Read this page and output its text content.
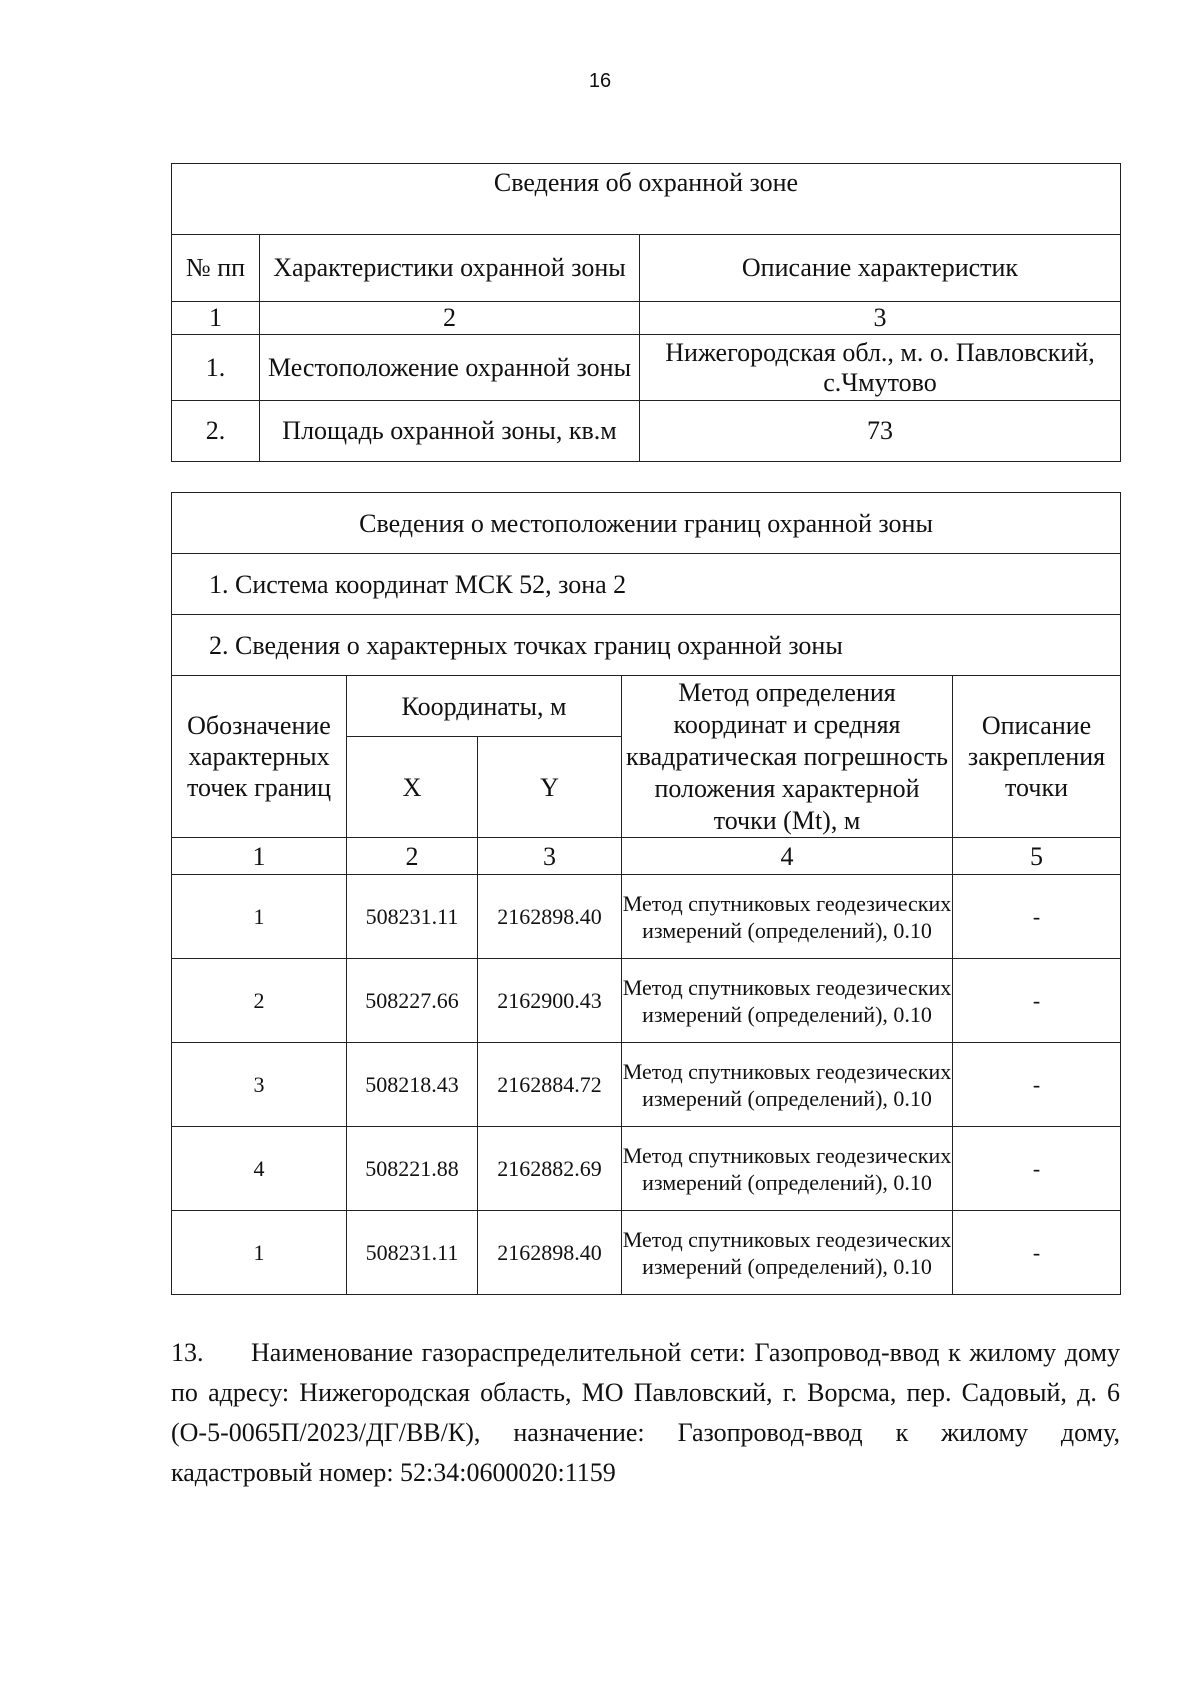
16
Сведения об охранной зоне		
№ пп	Характеристики охранной зоны	Описание характеристик
1	2	3
1.	Местоположение охранной зоны	Нижегородская обл., м. о. Павловский, с.Чмутово
2.	Площадь охранной зоны, кв.м	73
Сведения о местоположении границ охранной зоны				
1. Система координат МСК 52, зона 2				
2. Сведения о характерных точках границ охранной зоны				
Обозначение характерных точек границ	Координаты, м		Метод определения координат и средняя квадратическая погрешность положения характерной точки (Mt), м	Описание закрепления точки
	X	Y		
1	2	3	4	5
1	508231.11	2162898.40	Метод спутниковых геодезических измерений (определений), 0.10	-
2	508227.66	2162900.43	Метод спутниковых геодезических измерений (определений), 0.10	-
3	508218.43	2162884.72	Метод спутниковых геодезических измерений (определений), 0.10	-
4	508221.88	2162882.69	Метод спутниковых геодезических измерений (определений), 0.10	-
1	508231.11	2162898.40	Метод спутниковых геодезических измерений (определений), 0.10	-
13. Наименование газораспределительной сети: Газопровод-ввод к жилому дому по адресу: Нижегородская область, МО Павловский, г. Ворсма, пер. Садовый, д. 6 (О-5-0065П/2023/ДГ/ВВ/К), назначение: Газопровод-ввод к жилому дому, кадастровый номер: 52:34:0600020:1159
